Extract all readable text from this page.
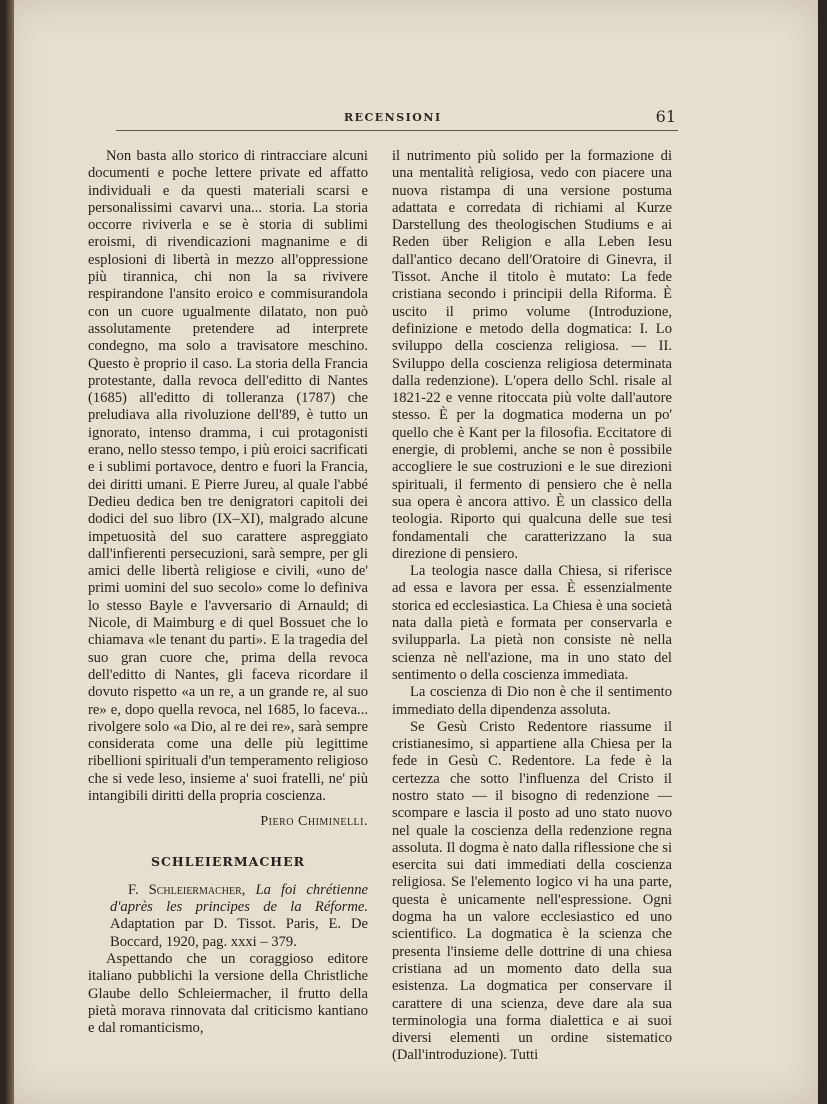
RECENSIONI	61

Non basta allo storico di rintracciare alcuni documenti e poche lettere private ed affatto individuali e da questi materiali scarsi e personalissimi cavarvi una... storia. La storia occorre riviverla e se è storia di sublimi eroismi, di rivendicazioni magnanime e di esplosioni di libertà in mezzo all'oppressione più tirannica, chi non la sa rivivere respirandone l'ansito eroico e commisurandola con un cuore ugualmente dilatato, non può assolutamente pretendere ad interprete condegno, ma solo a travisatore meschino. Questo è proprio il caso. La storia della Francia protestante, dalla revoca dell'editto di Nantes (1685) all'editto di tolleranza (1787) che preludiava alla rivoluzione dell'89, è tutto un ignorato, intenso dramma, i cui protagonisti erano, nello stesso tempo, i più eroici sacrificati e i sublimi portavoce, dentro e fuori la Francia, dei diritti umani. E Pierre Jureu, al quale l'abbé Dedieu dedica ben tre denigratori capitoli dei dodici del suo libro (IX–XI), malgrado alcune impetuosità del suo carattere aspreggiato dall'infierenti persecuzioni, sarà sempre, per gli amici delle libertà religiose e civili, «uno de' primi uomini del suo secolo» come lo definiva lo stesso Bayle e l'avversario di Arnauld; di Nicole, di Maimburg e di quel Bossuet che lo chiamava «le tenant du parti». E la tragedia del suo gran cuore che, prima della revoca dell'editto di Nantes, gli faceva ricordare il dovuto rispetto «a un re, a un grande re, al suo re» e, dopo quella revoca, nel 1685, lo faceva... rivolgere solo «a Dio, al re dei re», sarà sempre considerata come una delle più legittime ribellioni spirituali d'un temperamento religioso che si vede leso, insieme a' suoi fratelli, ne' più intangibili diritti della propria coscienza.

Piero Chiminelli.
SCHLEIERMACHER

F. Schleiermacher, La foi chrétienne d'après les principes de la Réforme. Adaptation par D. Tissot. Paris, E. De Boccard, 1920, pag. xxxi – 379.

Aspettando che un coraggioso editore italiano pubblichi la versione della Christliche Glaube dello Schleiermacher, il frutto della pietà morava rinnovata dal criticismo kantiano e dal romanticismo,

il nutrimento più solido per la formazione di una mentalità religiosa, vedo con piacere una nuova ristampa di una versione postuma adattata e corredata di richiami al Kurze Darstellung des theologischen Studiums e ai Reden über Religion e alla Leben Iesu dall'antico decano dell'Oratoire di Ginevra, il Tissot. Anche il titolo è mutato: La fede cristiana secondo i principii della Riforma. È uscito il primo volume (Introduzione, definizione e metodo della dogmatica: I. Lo sviluppo della coscienza religiosa. — II. Sviluppo della coscienza religiosa determinata dalla redenzione). L'opera dello Schl. risale al 1821-22 e venne ritoccata più volte dall'autore stesso. È per la dogmatica moderna un po' quello che è Kant per la filosofia. Eccitatore di energie, di problemi, anche se non è possibile accogliere le sue costruzioni e le sue direzioni spirituali, il fermento di pensiero che è nella sua opera è ancora attivo. È un classico della teologia. Riporto qui qualcuna delle sue tesi fondamentali che caratterizzano la sua direzione di pensiero.

La teologia nasce dalla Chiesa, si riferisce ad essa e lavora per essa. È essenzialmente storica ed ecclesiastica. La Chiesa è una società nata dalla pietà e formata per conservarla e svilupparla. La pietà non consiste nè nella scienza nè nell'azione, ma in uno stato del sentimento o della coscienza immediata.

La coscienza di Dio non è che il sentimento immediato della dipendenza assoluta.

Se Gesù Cristo Redentore riassume il cristianesimo, si appartiene alla Chiesa per la fede in Gesù C. Redentore. La fede è la certezza che sotto l'influenza del Cristo il nostro stato — il bisogno di redenzione — scompare e lascia il posto ad uno stato nuovo nel quale la coscienza della redenzione regna assoluta. Il dogma è nato dalla riflessione che si esercita sui dati immediati della coscienza religiosa. Se l'elemento logico vi ha una parte, questa è unicamente nell'espressione. Ogni dogma ha un valore ecclesiastico ed uno scientifico. La dogmatica è la scienza che presenta l'insieme delle dottrine di una chiesa cristiana ad un momento dato della sua esistenza. La dogmatica per conservare il carattere di una scienza, deve dare ala sua terminologia una forma dialettica e ai suoi diversi elementi un ordine sistematico (Dall'introduzione). Tutti
